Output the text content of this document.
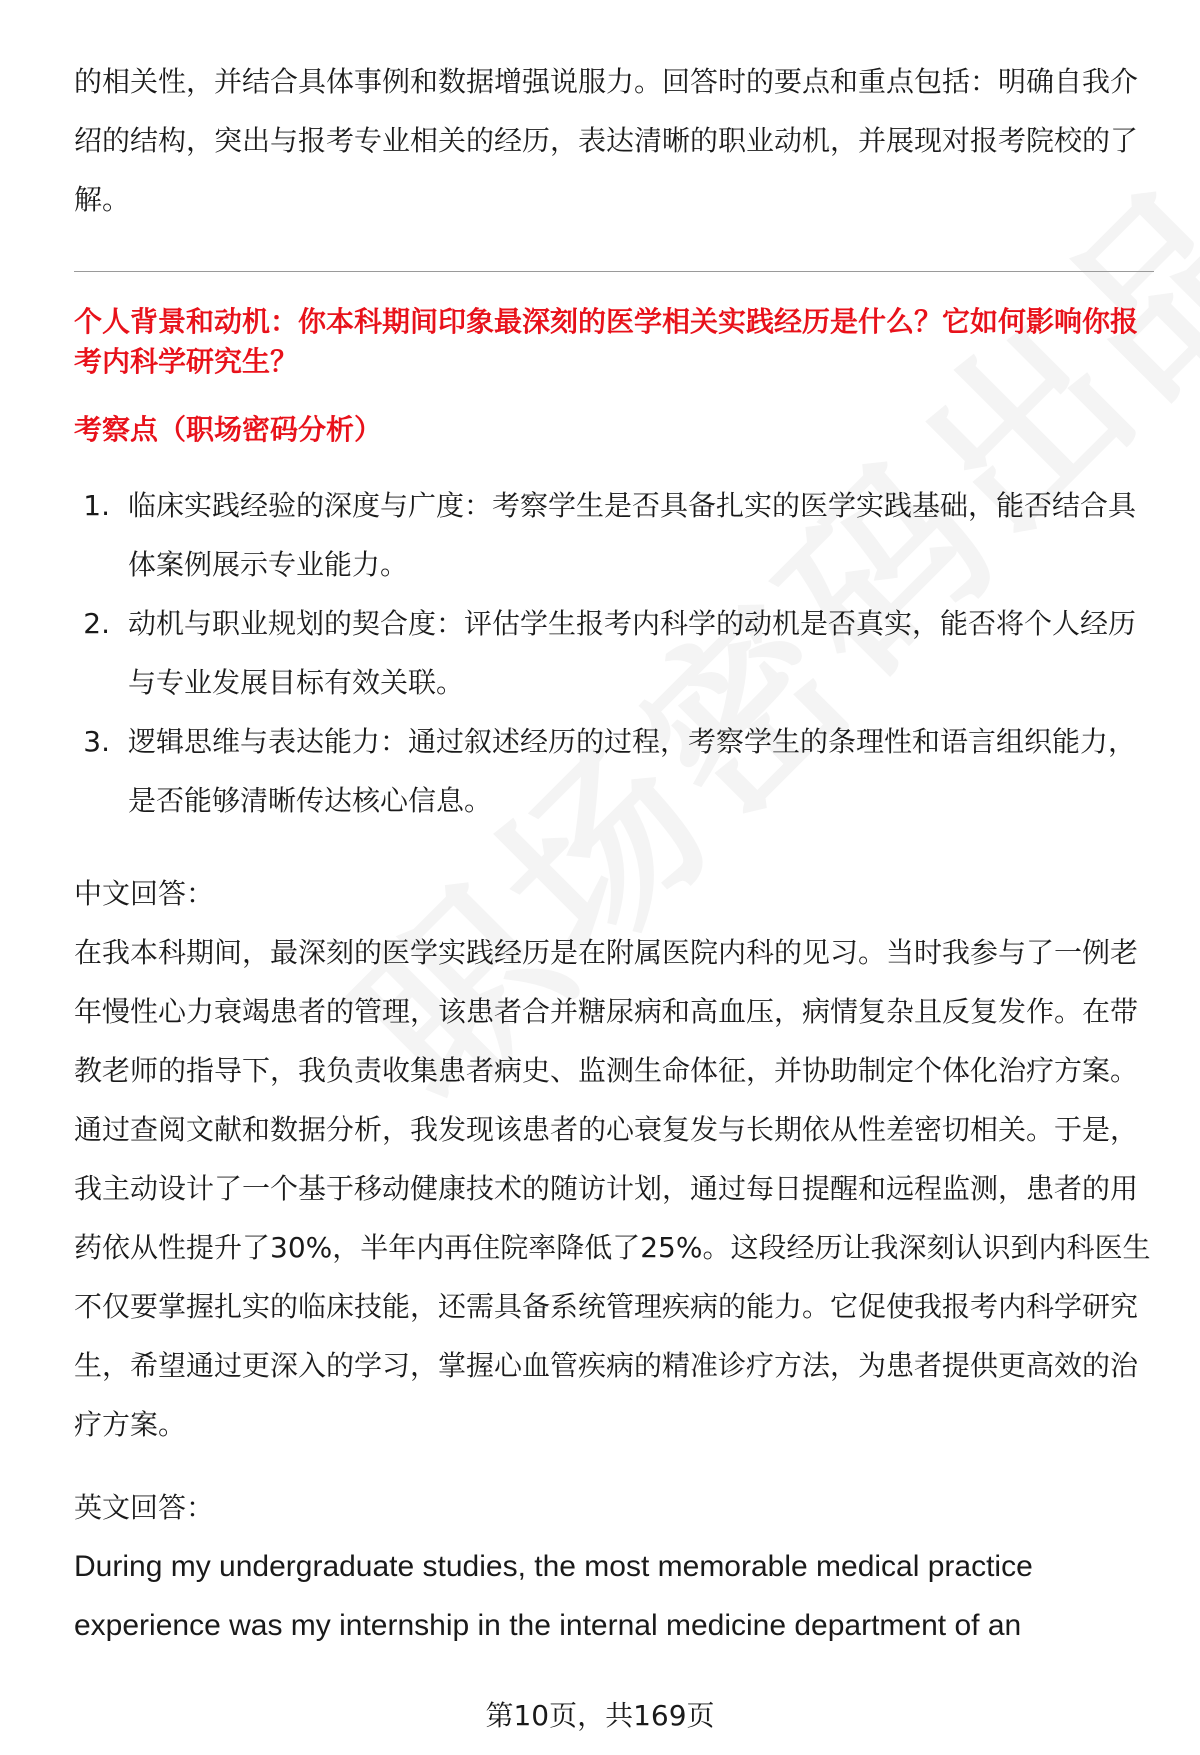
的相关性，并结合具体事例和数据增强说服力。回答时的要点和重点包括：明确自我介绍的结构，突出与报考专业相关的经历，表达清晰的职业动机，并展现对报考院校的了解。

个人背景和动机：你本科期间印象最深刻的医学相关实践经历是什么？它如何影响你报考内科学研究生？

考察点（职场密码分析）

1. 临床实践经验的深度与广度：考察学生是否具备扎实的医学实践基础，能否结合具体案例展示专业能力。
2. 动机与职业规划的契合度：评估学生报考内科学的动机是否真实，能否将个人经历与专业发展目标有效关联。
3. 逻辑思维与表达能力：通过叙述经历的过程，考察学生的条理性和语言组织能力，是否能够清晰传达核心信息。

中文回答：

在我本科期间，最深刻的医学实践经历是在附属医院内科的见习。当时我参与了一例老年慢性心力衰竭患者的管理，该患者合并糖尿病和高血压，病情复杂且反复发作。在带教老师的指导下，我负责收集患者病史、监测生命体征，并协助制定个体化治疗方案。通过查阅文献和数据分析，我发现该患者的心衰复发与长期依从性差密切相关。于是，我主动设计了一个基于移动健康技术的随访计划，通过每日提醒和远程监测，患者的用药依从性提升了30%，半年内再住院率降低了25%。这段经历让我深刻认识到内科医生不仅要掌握扎实的临床技能，还需具备系统管理疾病的能力。它促使我报考内科学研究生，希望通过更深入的学习，掌握心血管疾病的精准诊疗方法，为患者提供更高效的治疗方案。

英文回答：

During my undergraduate studies, the most memorable medical practice experience was my internship in the internal medicine department of an

第10页，共169页
